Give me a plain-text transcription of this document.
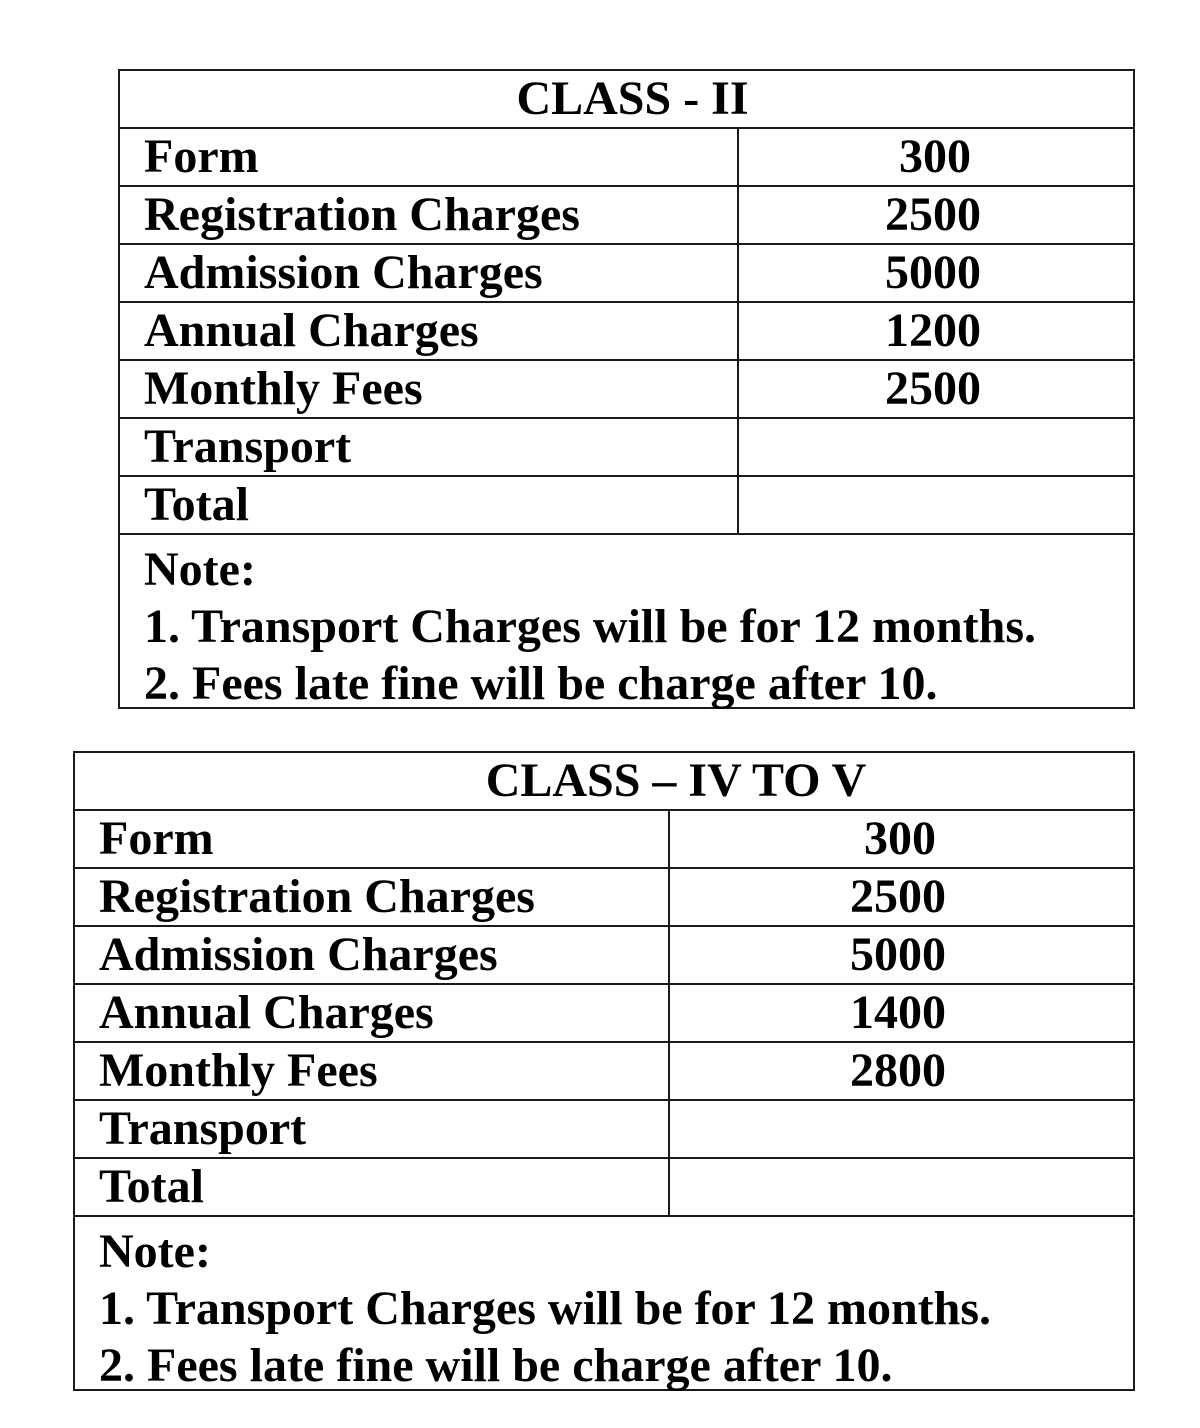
CLASS - II
Form	300
Registration Charges	2500
Admission Charges	5000
Annual Charges	1200
Monthly Fees	2500
Transport
Total
Note:
1. Transport Charges will be for 12 months.
2. Fees late fine will be charge after 10.
CLASS – IV TO V
Form	300
Registration Charges	2500
Admission Charges	5000
Annual Charges	1400
Monthly Fees	2800
Transport
Total
Note:
1. Transport Charges will be for 12 months.
2. Fees late fine will be charge after 10.
